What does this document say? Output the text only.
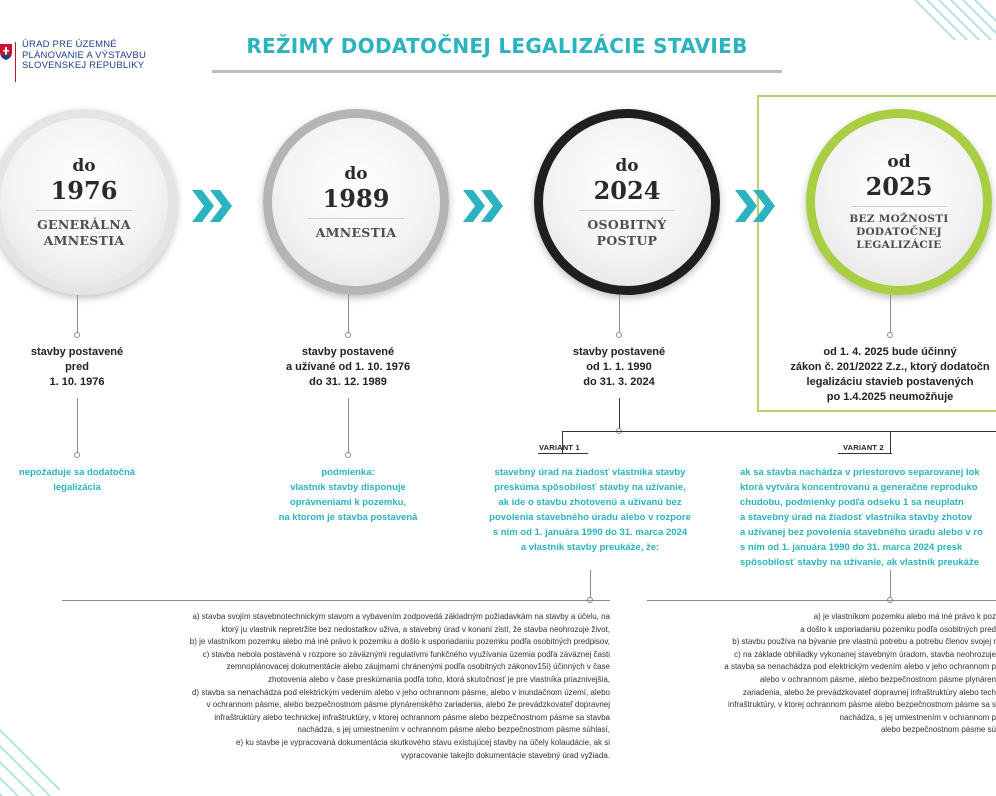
ÚRAD PRE ÚZEMNÉ
PLÁNOVANIE A VÝSTAVBU
SLOVENSKEJ REPUBLIKY
REŽIMY DODATOČNEJ LEGALIZÁCIE STAVIEB
do
1976
GENERÁLNA
AMNESTIA
do
1989
AMNESTIA
do
2024
OSOBITNÝ
POSTUP
od
2025
BEZ MOŽNOSTI
DODATOČNEJ
LEGALIZÁCIE
stavby postavené
pred
1. 10. 1976
stavby postavené
a užívané od 1. 10. 1976
do 31. 12. 1989
stavby postavené
od 1. 1. 1990
do 31. 3. 2024
od 1. 4. 2025 bude účinný
zákon č. 201/2022 Z.z., ktorý dodatočn
legalizáciu stavieb postavených
po 1.4.2025 neumožňuje
nepožaduje sa dodatočná
legalizácia
podmienka:
vlastník stavby disponuje
oprávneniami k pozemku,
na ktorom je stavba postavená
VARIANT 1	VARIANT 2
stavebný úrad na žiadosť vlastníka stavby
preskúma spôsobilosť stavby na užívanie,
ak ide o stavbu zhotovenú a užívanú bez
povolenia stavebného úradu alebo v rozpore
s ním od 1. januára 1990 do 31. marca 2024
a vlastník stavby preukáže, že:
ak sa stavba nachádza v priestorovo separovanej lok
ktorá vytvára koncentrovanú a generačne reproduko
chudobu, podmienky podľa odseku 1 sa neuplatn
a stavebný úrad na žiadosť vlastníka stavby zhotov
a užívanej bez povolenia stavebného úradu alebo v ro
s ním od 1. januára 1990 do 31. marca 2024 presk
spôsobilosť stavby na užívanie, ak vlastník preukáže
a) stavba svojím stavebnotechnickým stavom a vybavením zodpovedá základným požiadavkám na stavby a účelu, na
ktorý ju vlastník nepretržite bez nedostatkov užíva, a stavebný úrad v konaní zistí, že stavba neohrozuje život,
b) je vlastníkom pozemku alebo má iné právo k pozemku a došlo k usporiadaniu pozemku podľa osobitných predpisov,
c) stavba nebola postavená v rozpore so záväznými regulatívmi funkčného využívania územia podľa záväznej časti
zemnoplánovacej dokumentácie alebo záujmami chránenými podľa osobitných zákonov15i) účinných v čase
zhotovenia alebo v čase preskúmania podľa toho, ktorá skutočnosť je pre vlastníka priaznivejšia,
d) stavba sa nenachádza pod elektrickým vedením alebo v jeho ochrannom pásme, alebo v inundačnom území, alebo
v ochrannom pásme, alebo bezpečnostnom pásme plynárenského zariadenia, alebo že prevádzkovateľ dopravnej
infraštruktúry alebo technickej infraštruktúry, v ktorej ochrannom pásme alebo bezpečnostnom pásme sa stavba
nachádza, s jej umiestnením v ochrannom pásme alebo bezpečnostnom pásme súhlasí,
e) ku stavbe je vypracovaná dokumentácia skutkového stavu existujúcej stavby na účely kolaudácie, ak si
vypracovanie takejto dokumentácie stavebný úrad vyžiada.
a) je vlastníkom pozemku alebo má iné právo k poz
a došlo k usporiadaniu pozemku podľa osobitných pred
b) stavbu používa na bývanie pre vlastnú potrebu a potrebu členov svojej r
c) na základe obhliadky vykonanej stavebným úradom, stavba neohrozuje
a stavba sa nenachádza pod elektrickým vedením alebo v jeho ochrannom p
alebo v ochrannom pásme, alebo bezpečnostnom pásme plynáren
zariadenia, alebo že prevádzkovateľ dopravnej infraštruktúry alebo tech
infraštruktúry, v ktorej ochrannom pásme alebo bezpečnostnom pásme sa s
nachádza, s jej umiestnením v ochrannom p
alebo bezpečnostnom pásme sú
